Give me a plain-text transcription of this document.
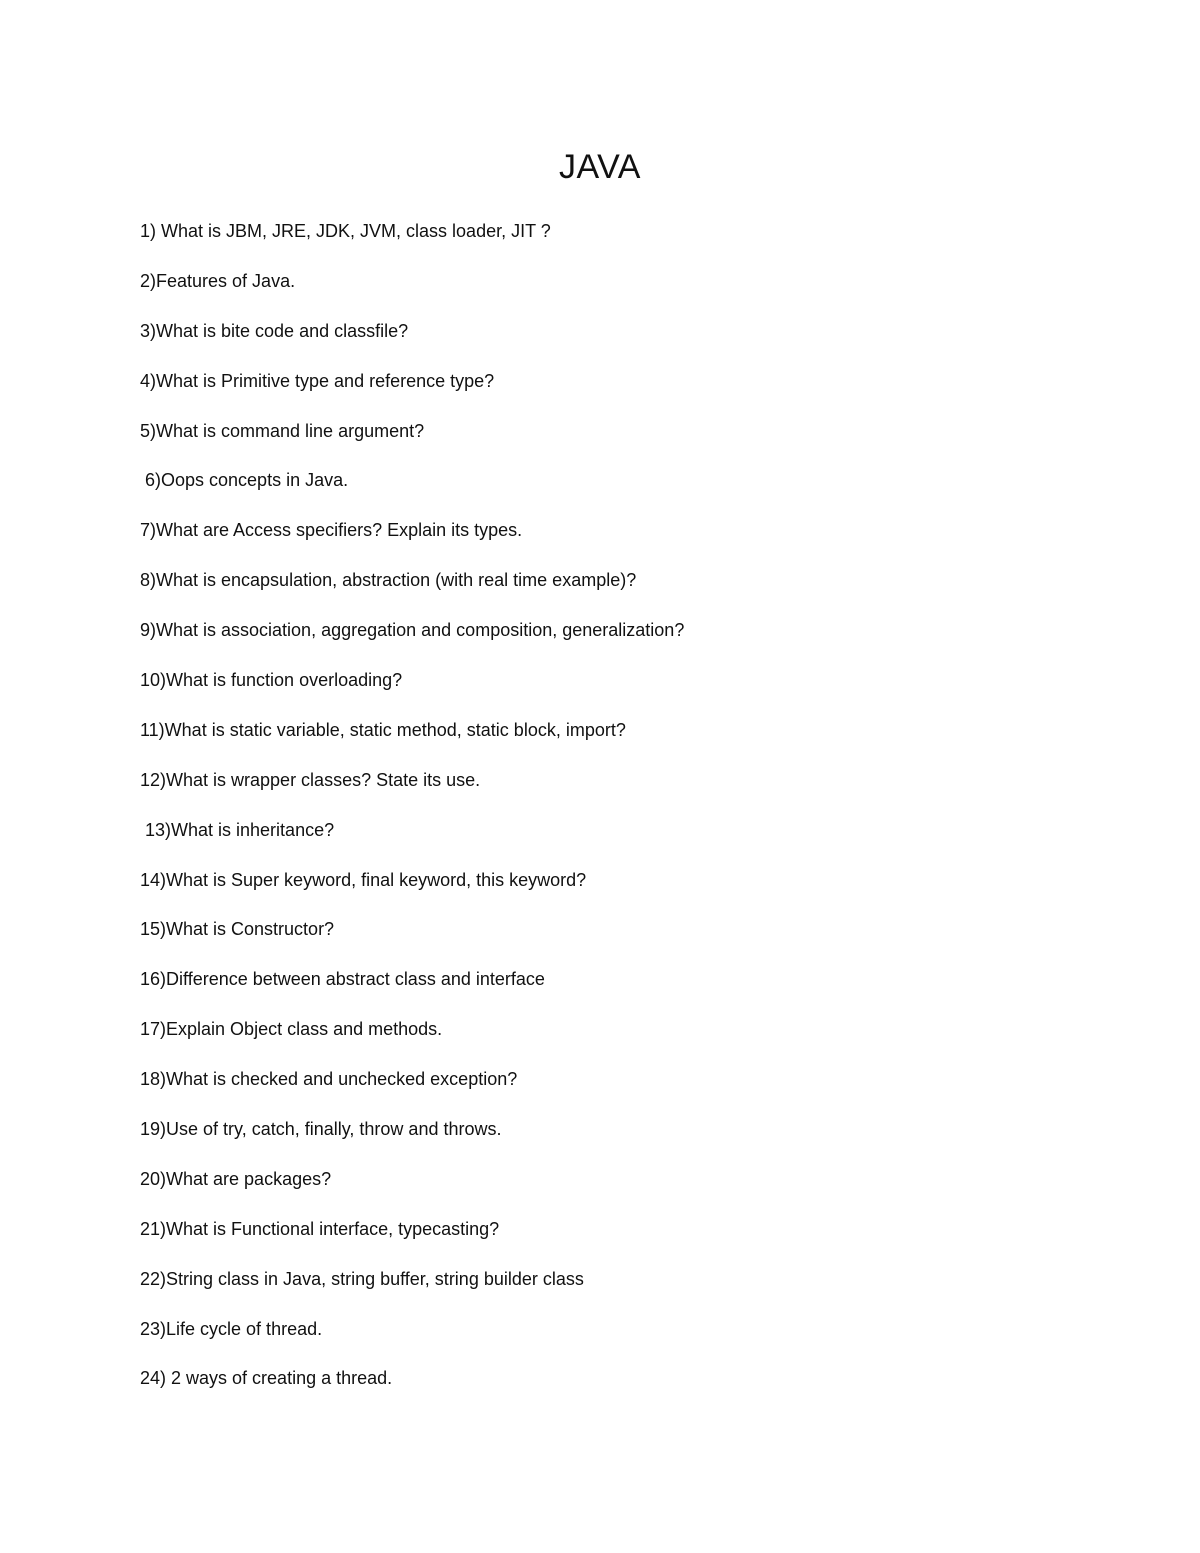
JAVA
1) What is JBM, JRE, JDK, JVM, class loader, JIT ?
2)Features of Java.
3)What is bite code and classfile?
4)What is Primitive type and reference type?
5)What is command line argument?
6)Oops concepts in Java.
7)What are Access specifiers? Explain its types.
8)What is encapsulation, abstraction (with real time example)?
9)What is association, aggregation and composition, generalization?
10)What is function overloading?
11)What is static variable, static method, static block, import?
12)What is wrapper classes? State its use.
13)What is inheritance?
14)What is Super keyword, final keyword, this keyword?
15)What is Constructor?
16)Difference between abstract class and interface
17)Explain Object class and methods.
18)What is checked and unchecked exception?
19)Use of try, catch, finally, throw and throws.
20)What are packages?
21)What is Functional interface, typecasting?
22)String class in Java, string buffer, string builder class
23)Life cycle of thread.
24) 2 ways of creating a thread.
